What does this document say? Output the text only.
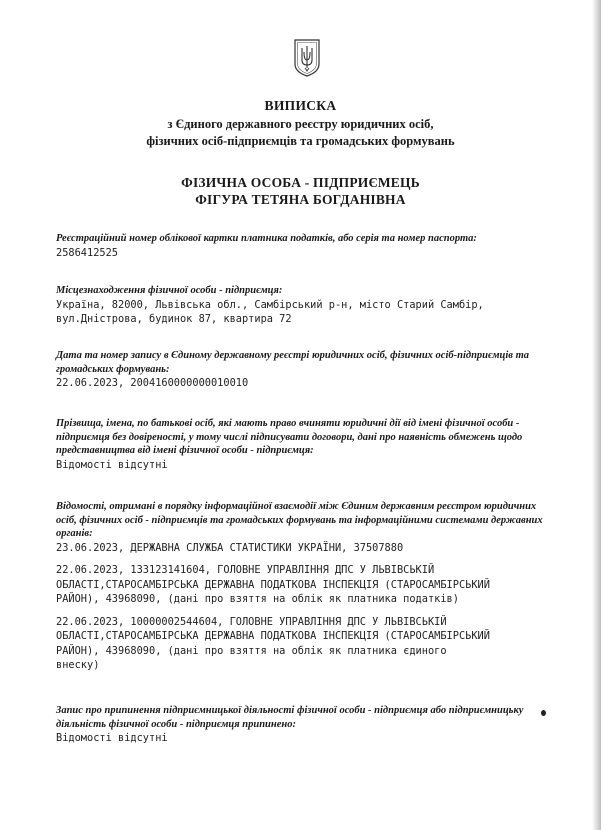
ВИПИСКА
з Єдиного державного реєстру юридичних осіб,
фізичних осіб-підприємців та громадських формувань
ФІЗИЧНА ОСОБА - ПІДПРИЄМЕЦЬ
ФІГУРА ТЕТЯНА БОГДАНІВНА
Реєстраційний номер облікової картки платника податків, або серія та номер паспорта:
2586412525
Місцезнаходження фізичної особи - підприємця:
Україна, 82000, Львівська обл., Самбірський р-н, місто Старий Самбір,
вул.Дністрова, будинок 87, квартира 72
Дата та номер запису в Єдиному державному реєстрі юридичних осіб, фізичних осіб-підприємців та громадських формувань:
22.06.2023, 2004160000000010010
Прізвища, імена, по батькові осіб, які мають право вчиняти юридичні дії від імені фізичної особи - підприємця без довіреності, у тому числі підписувати договори, дані про наявність обмежень щодо представництва від імені фізичної особи - підприємця:
Відомості відсутні
Відомості, отримані в порядку інформаційної взаємодії між Єдиним державним реєстром юридичних осіб, фізичних осіб - підприємців та громадських формувань та інформаційними системами державних органів:
23.06.2023, ДЕРЖАВНА СЛУЖБА СТАТИСТИКИ УКРАЇНИ, 37507880
22.06.2023, 133123141604, ГОЛОВНЕ УПРАВЛІННЯ ДПС У ЛЬВІВСЬКІЙ
ОБЛАСТІ,СТАРОСАМБІРСЬКА ДЕРЖАВНА ПОДАТКОВА ІНСПЕКЦІЯ (СТАРОСАМБІРСЬКИЙ
РАЙОН), 43968090, (дані про взяття на облік як платника податків)
22.06.2023, 10000002544604, ГОЛОВНЕ УПРАВЛІННЯ ДПС У ЛЬВІВСЬКІЙ
ОБЛАСТІ,СТАРОСАМБІРСЬКА ДЕРЖАВНА ПОДАТКОВА ІНСПЕКЦІЯ (СТАРОСАМБІРСЬКИЙ
РАЙОН), 43968090, (дані про взяття на облік як платника єдиного
внеску)
Запис про припинення підприємницької діяльності фізичної особи - підприємця або підприємницьку діяльність фізичної особи - підприємця припинено:
Відомості відсутні
